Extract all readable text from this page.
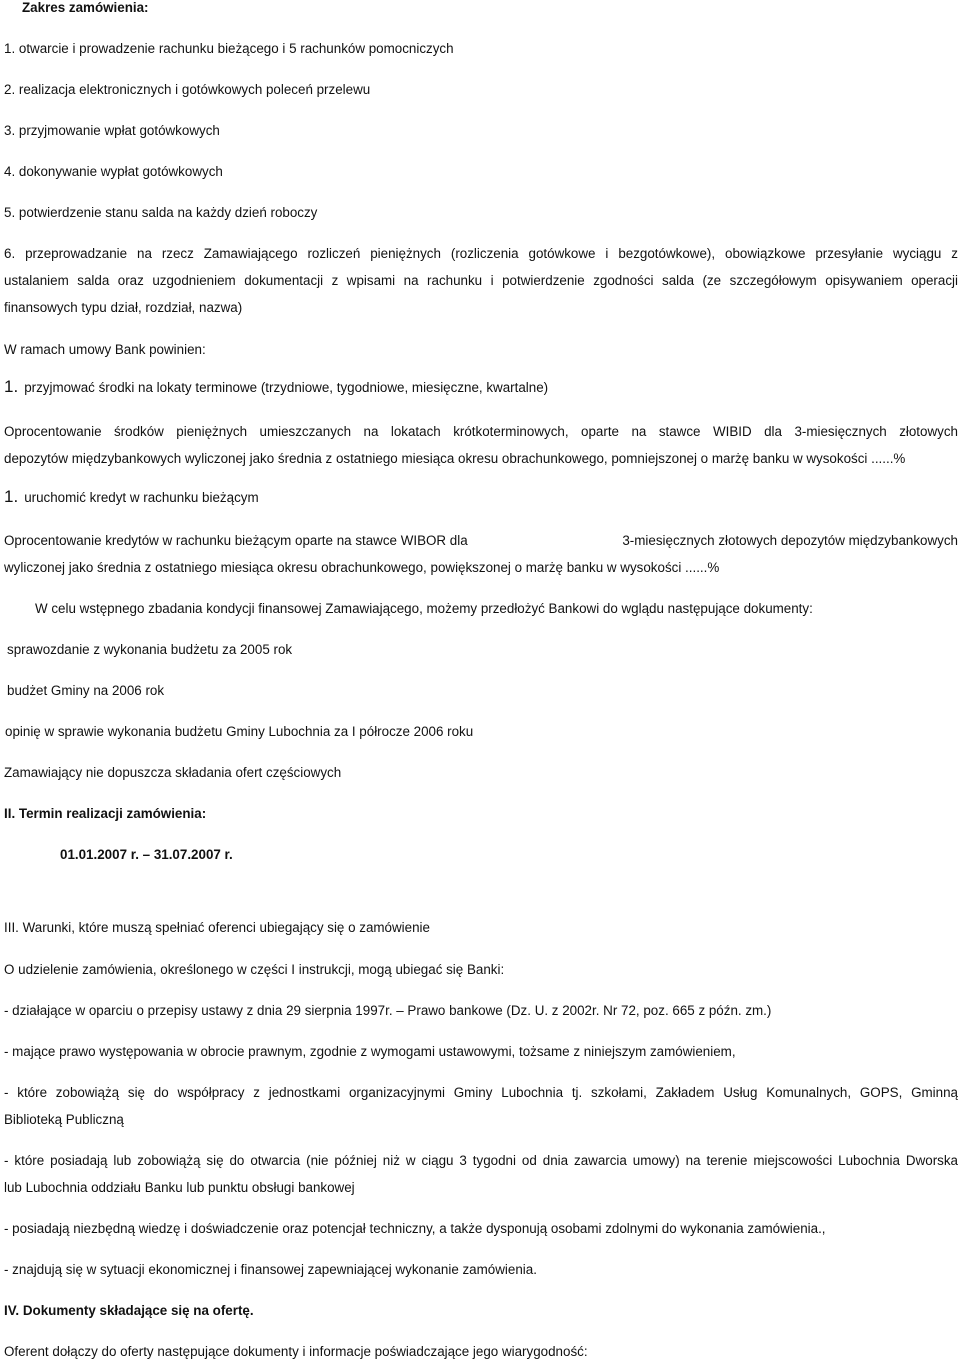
Zakres zamówienia:
1. otwarcie i prowadzenie rachunku bieżącego i 5 rachunków pomocniczych
2. realizacja elektronicznych i gotówkowych poleceń przelewu
3. przyjmowanie wpłat gotówkowych
4. dokonywanie wypłat gotówkowych
5. potwierdzenie stanu salda na każdy dzień roboczy
6. przeprowadzanie na rzecz Zamawiającego rozliczeń pieniężnych (rozliczenia gotówkowe i bezgotówkowe), obowiązkowe przesyłanie wyciągu z
ustalaniem salda oraz uzgodnieniem dokumentacji z wpisami na rachunku i potwierdzenie zgodności salda (ze szczegółowym opisywaniem operacji
finansowych typu dział, rozdział, nazwa)
W ramach umowy Bank powinien:
1. przyjmować środki na lokaty terminowe (trzydniowe, tygodniowe, miesięczne, kwartalne)
Oprocentowanie środków pieniężnych umieszczanych na lokatach krótkoterminowych, oparte na stawce WIBID dla 3-miesięcznych złotowych
depozytów międzybankowych wyliczonej jako średnia z ostatniego miesiąca okresu obrachunkowego, pomniejszonej o marżę banku w wysokości ......%
1. uruchomić kredyt w rachunku bieżącym
Oprocentowanie kredytów w rachunku bieżącym oparte na stawce WIBOR dla	3-miesięcznych złotowych depozytów międzybankowych
wyliczonej jako średnia z ostatniego miesiąca okresu obrachunkowego, powiększonej o marżę banku w wysokości ......%
W celu wstępnego zbadania kondycji finansowej Zamawiającego, możemy przedłożyć Bankowi do wglądu następujące dokumenty:
sprawozdanie z wykonania budżetu za 2005 rok
budżet Gminy na 2006 rok
opinię w sprawie wykonania budżetu Gminy Lubochnia za I półrocze 2006 roku
Zamawiający nie dopuszcza składania ofert częściowych
II. Termin realizacji zamówienia:
01.01.2007 r. – 31.07.2007 r.
III. Warunki, które muszą spełniać oferenci ubiegający się o zamówienie
O udzielenie zamówienia, określonego w części I instrukcji, mogą ubiegać się Banki:
- działające w oparciu o przepisy ustawy z dnia 29 sierpnia 1997r. – Prawo bankowe (Dz. U. z 2002r. Nr 72, poz. 665 z późn. zm.)
- mające prawo występowania w obrocie prawnym, zgodnie z wymogami ustawowymi, tożsame z niniejszym zamówieniem,
- które zobowiążą się do współpracy z jednostkami organizacyjnymi Gminy Lubochnia tj. szkołami, Zakładem Usług Komunalnych, GOPS, Gminną
Biblioteką Publiczną
- które posiadają lub zobowiążą się do otwarcia (nie później niż w ciągu 3 tygodni od dnia zawarcia umowy) na terenie miejscowości Lubochnia Dworska
lub Lubochnia oddziału Banku lub punktu obsługi bankowej
- posiadają niezbędną wiedzę i doświadczenie oraz potencjał techniczny, a także dysponują osobami zdolnymi do wykonania zamówienia.,
- znajdują się w sytuacji ekonomicznej i finansowej zapewniającej wykonanie zamówienia.
IV. Dokumenty składające się na ofertę.
Oferent dołączy do oferty następujące dokumenty i informacje poświadczające jego wiarygodność:
